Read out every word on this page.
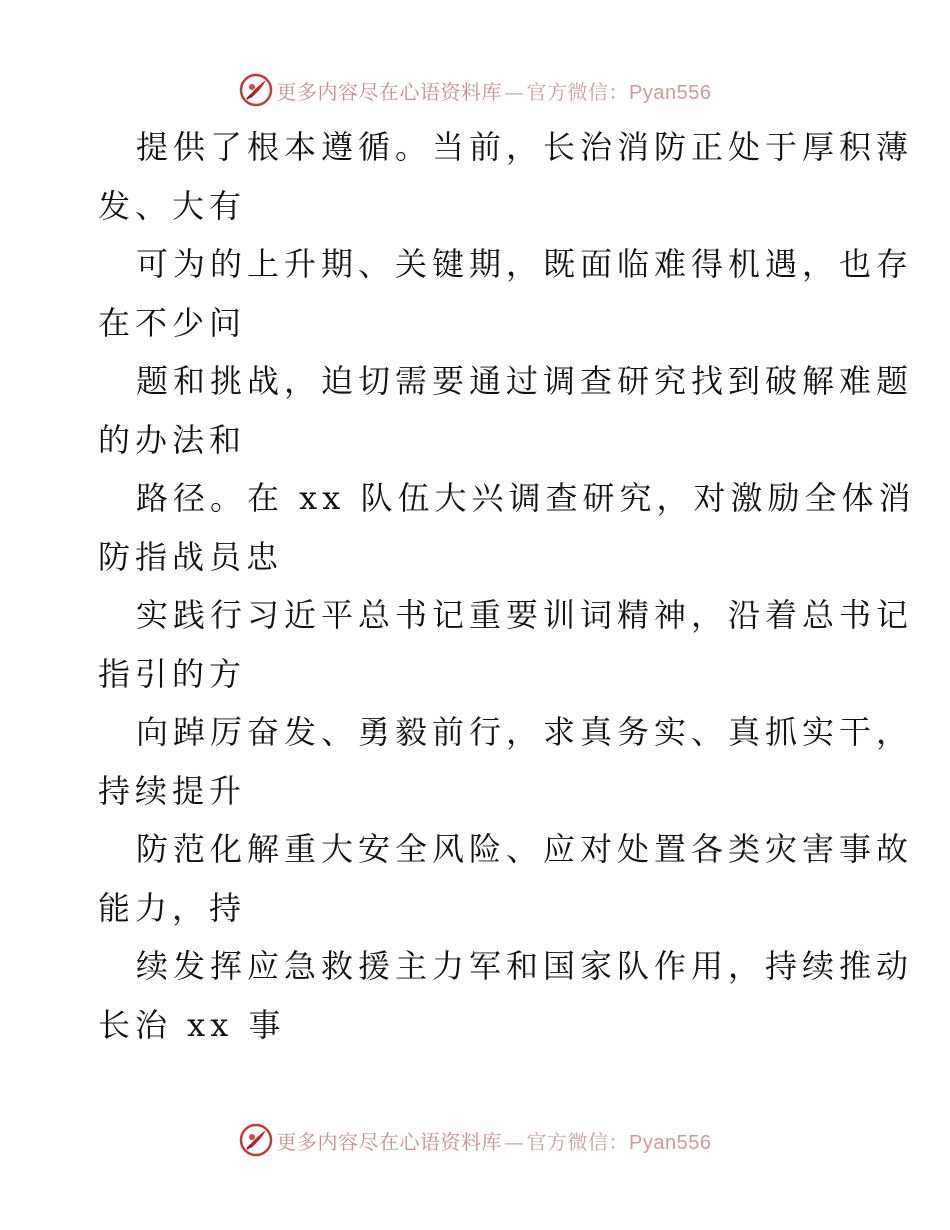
更多内容尽在心语资料库 — 官方微信：Pyan556
提供了根本遵循。当前，长治消防正处于厚积薄
发、大有
可为的上升期、关键期，既面临难得机遇，也存
在不少问
题和挑战，迫切需要通过调查研究找到破解难题
的办法和
路径。在 xx 队伍大兴调查研究，对激励全体消
防指战员忠
实践行习近平总书记重要训词精神，沿着总书记
指引的方
向踔厉奋发、勇毅前行，求真务实、真抓实干，
持续提升
防范化解重大安全风险、应对处置各类灾害事故
能力，持
续发挥应急救援主力军和国家队作用，持续推动
长治 xx 事
更多内容尽在心语资料库 — 官方微信：Pyan556
